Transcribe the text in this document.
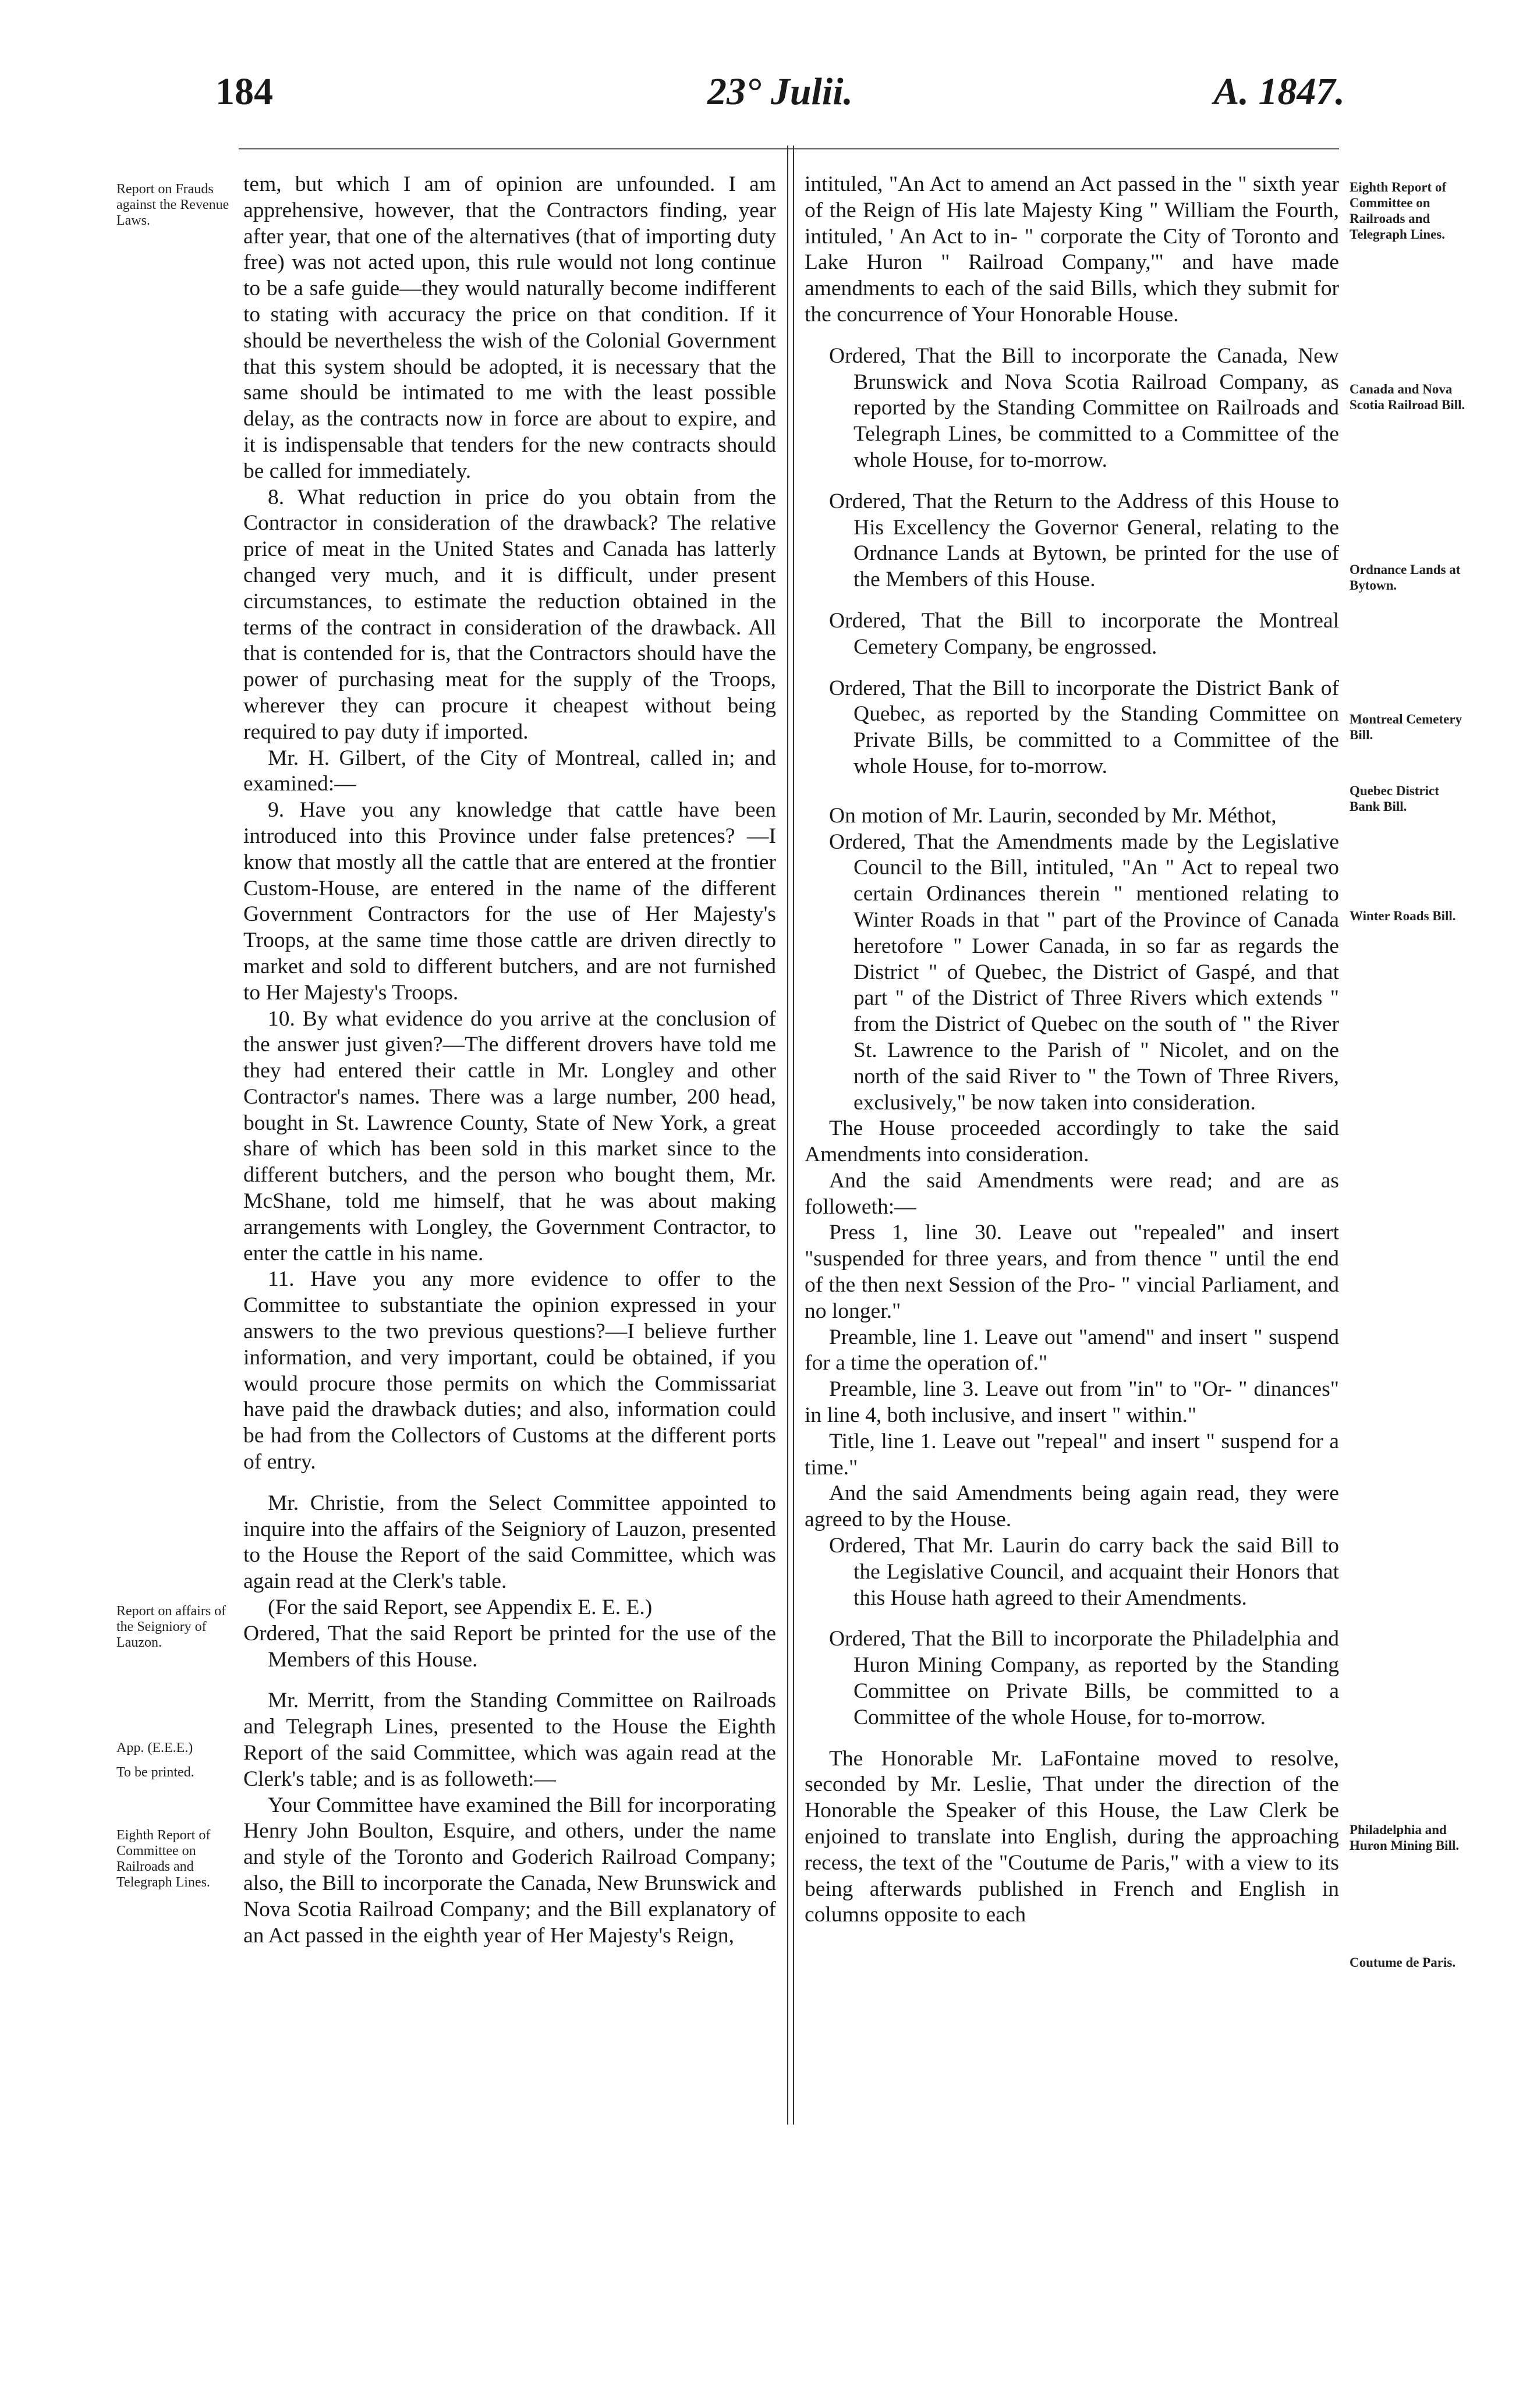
184	23° Julii.	A. 1847.
Report on Frauds against the Revenue Laws.
Report on affairs of the Seigniory of Lauzon.
App. (E.E.E.)
To be printed.
Eighth Report of Committee on Railroads and Telegraph Lines.
Eighth Report of Committee on Railroads and Telegraph Lines.
Canada and Nova Scotia Railroad Bill.
Ordnance Lands at Bytown.
Montreal Cemetery Bill.
Quebec District Bank Bill.
Winter Roads Bill.
Philadelphia and Huron Mining Bill.
Coutume de Paris.

tem, but which I am of opinion are unfounded. I am apprehensive, however, that the Contractors finding, year after year, that one of the alternatives (that of importing duty free) was not acted upon, this rule would not long continue to be a safe guide—they would naturally become indifferent to stating with accuracy the price on that condition. If it should be nevertheless the wish of the Colonial Government that this system should be adopted, it is necessary that the same should be intimated to me with the least possible delay, as the contracts now in force are about to expire, and it is indispensable that tenders for the new contracts should be called for immediately.

8. What reduction in price do you obtain from the Contractor in consideration of the drawback? The relative price of meat in the United States and Canada has latterly changed very much, and it is difficult, under present circumstances, to estimate the reduction obtained in the terms of the contract in consideration of the drawback. All that is contended for is, that the Contractors should have the power of purchasing meat for the supply of the Troops, wherever they can procure it cheapest without being required to pay duty if imported.

Mr. H. Gilbert, of the City of Montreal, called in; and examined:—

9. Have you any knowledge that cattle have been introduced into this Province under false pretences? —I know that mostly all the cattle that are entered at the frontier Custom-House, are entered in the name of the different Government Contractors for the use of Her Majesty's Troops, at the same time those cattle are driven directly to market and sold to different butchers, and are not furnished to Her Majesty's Troops.

10. By what evidence do you arrive at the conclusion of the answer just given?—The different drovers have told me they had entered their cattle in Mr. Longley and other Contractor's names. There was a large number, 200 head, bought in St. Lawrence County, State of New York, a great share of which has been sold in this market since to the different butchers, and the person who bought them, Mr. McShane, told me himself, that he was about making arrangements with Longley, the Government Contractor, to enter the cattle in his name.

11. Have you any more evidence to offer to the Committee to substantiate the opinion expressed in your answers to the two previous questions?—I believe further information, and very important, could be obtained, if you would procure those permits on which the Commissariat have paid the drawback duties; and also, information could be had from the Collectors of Customs at the different ports of entry.

Mr. Christie, from the Select Committee appointed to inquire into the affairs of the Seigniory of Lauzon, presented to the House the Report of the said Committee, which was again read at the Clerk's table.

(For the said Report, see Appendix E. E. E.)

Ordered, That the said Report be printed for the use of the Members of this House.

Mr. Merritt, from the Standing Committee on Railroads and Telegraph Lines, presented to the House the Eighth Report of the said Committee, which was again read at the Clerk's table; and is as followeth:—

Your Committee have examined the Bill for incorporating Henry John Boulton, Esquire, and others, under the name and style of the Toronto and Goderich Railroad Company; also, the Bill to incorporate the Canada, New Brunswick and Nova Scotia Railroad Company; and the Bill explanatory of an Act passed in the eighth year of Her Majesty's Reign,

intituled, "An Act to amend an Act passed in the " sixth year of the Reign of His late Majesty King " William the Fourth, intituled, ' An Act to in- " corporate the City of Toronto and Lake Huron " Railroad Company,'" and have made amendments to each of the said Bills, which they submit for the concurrence of Your Honorable House.

Ordered, That the Bill to incorporate the Canada, New Brunswick and Nova Scotia Railroad Company, as reported by the Standing Committee on Railroads and Telegraph Lines, be committed to a Committee of the whole House, for to-morrow.

Ordered, That the Return to the Address of this House to His Excellency the Governor General, relating to the Ordnance Lands at Bytown, be printed for the use of the Members of this House.

Ordered, That the Bill to incorporate the Montreal Cemetery Company, be engrossed.

Ordered, That the Bill to incorporate the District Bank of Quebec, as reported by the Standing Committee on Private Bills, be committed to a Committee of the whole House, for to-morrow.

On motion of Mr. Laurin, seconded by Mr. Méthot,

Ordered, That the Amendments made by the Legislative Council to the Bill, intituled, "An " Act to repeal two certain Ordinances therein " mentioned relating to Winter Roads in that " part of the Province of Canada heretofore " Lower Canada, in so far as regards the District " of Quebec, the District of Gaspé, and that part " of the District of Three Rivers which extends " from the District of Quebec on the south of " the River St. Lawrence to the Parish of " Nicolet, and on the north of the said River to " the Town of Three Rivers, exclusively," be now taken into consideration.

The House proceeded accordingly to take the said Amendments into consideration.

And the said Amendments were read; and are as followeth:—

Press 1, line 30. Leave out "repealed" and insert "suspended for three years, and from thence " until the end of the then next Session of the Pro- " vincial Parliament, and no longer."

Preamble, line 1. Leave out "amend" and insert " suspend for a time the operation of."

Preamble, line 3. Leave out from "in" to "Or- " dinances" in line 4, both inclusive, and insert " within."

Title, line 1. Leave out "repeal" and insert " suspend for a time."

And the said Amendments being again read, they were agreed to by the House.

Ordered, That Mr. Laurin do carry back the said Bill to the Legislative Council, and acquaint their Honors that this House hath agreed to their Amendments.

Ordered, That the Bill to incorporate the Philadelphia and Huron Mining Company, as reported by the Standing Committee on Private Bills, be committed to a Committee of the whole House, for to-morrow.

The Honorable Mr. LaFontaine moved to resolve, seconded by Mr. Leslie, That under the direction of the Honorable the Speaker of this House, the Law Clerk be enjoined to translate into English, during the approaching recess, the text of the "Coutume de Paris," with a view to its being afterwards published in French and English in columns opposite to each
